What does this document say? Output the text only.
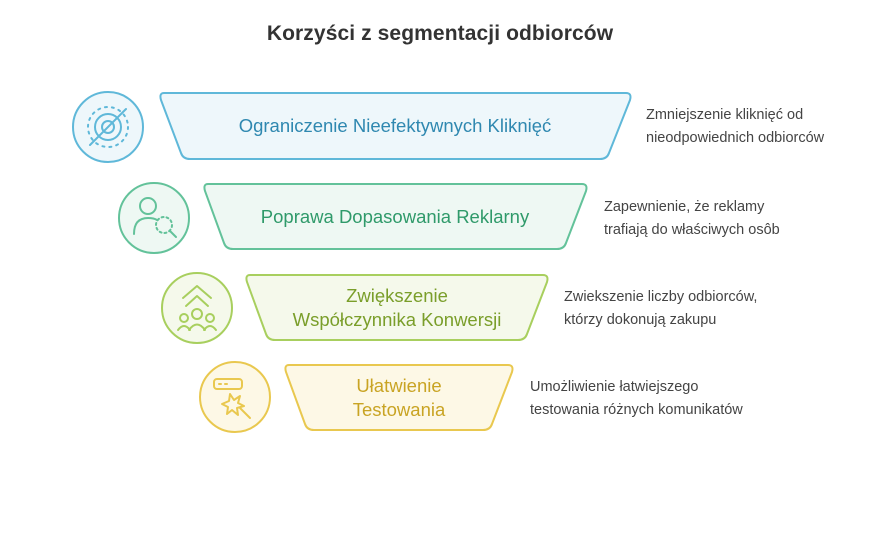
Korzyści z segmentacji odbiorców
Ograniczenie Nieefektywnych Kliknięć
Poprawa Dopasowania Reklarny
Zwiększenie
Współczynnika Konwersji
Ułatwienie
Testowania
Zmniejszenie kliknięć od
nieodpowiednich odbiorców
Zapewnienie, że reklamy
trafiają do właściwych osôb
Zwiekszenie liczby odbiorców,
którzy dokonują zakupu
Umożliwienie łatwiejszego
testowania różnych komunikatów
